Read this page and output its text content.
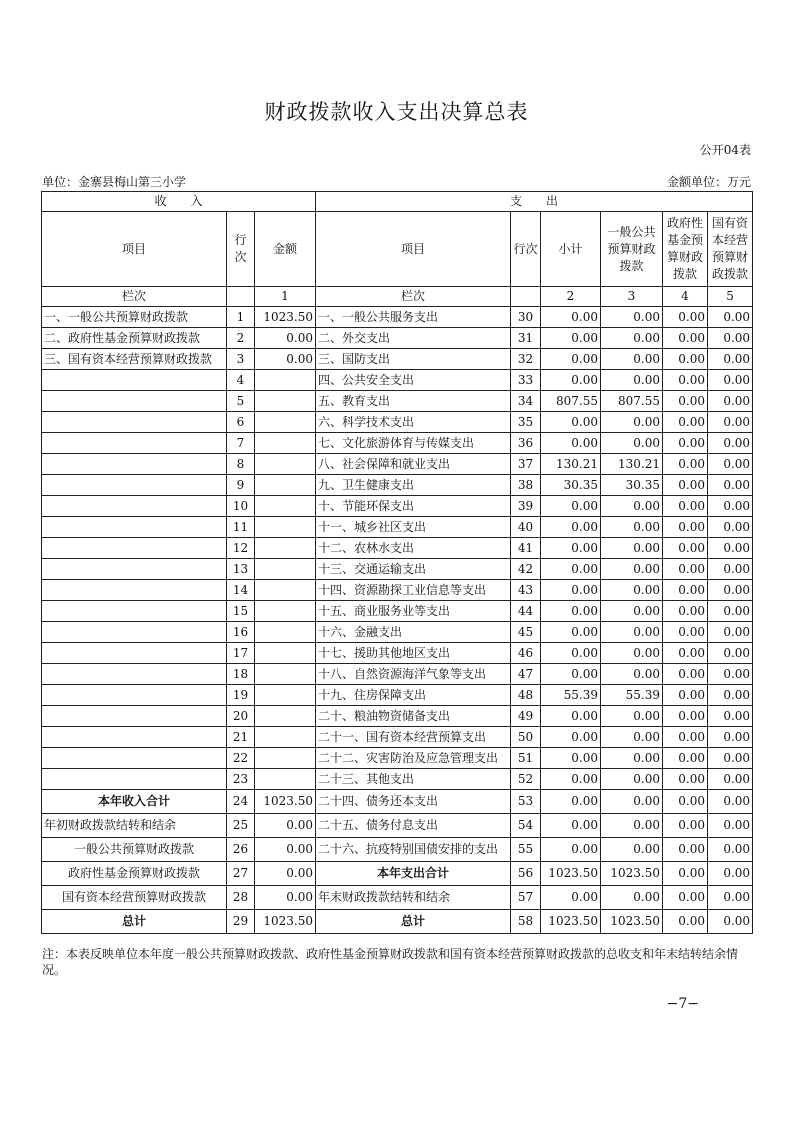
财政拨款收入支出决算总表
公开04表
单位：金寨县梅山第三小学	金额单位：万元
收　　入			支　　出					
项目	行次	金额	项目	行次	小计	一般公共预算财政拨款	政府性基金预算财政拨款	国有资本经营预算财政拨款
栏次		1	栏次		2	3	4	5
一、一般公共预算财政拨款	1	1023.50	一、一般公共服务支出	30	0.00	0.00	0.00	0.00
二、政府性基金预算财政拨款	2	0.00	二、外交支出	31	0.00	0.00	0.00	0.00
三、国有资本经营预算财政拨款	3	0.00	三、国防支出	32	0.00	0.00	0.00	0.00
	4		四、公共安全支出	33	0.00	0.00	0.00	0.00
	5		五、教育支出	34	807.55	807.55	0.00	0.00
	6		六、科学技术支出	35	0.00	0.00	0.00	0.00
	7		七、文化旅游体育与传媒支出	36	0.00	0.00	0.00	0.00
	8		八、社会保障和就业支出	37	130.21	130.21	0.00	0.00
	9		九、卫生健康支出	38	30.35	30.35	0.00	0.00
	10		十、节能环保支出	39	0.00	0.00	0.00	0.00
	11		十一、城乡社区支出	40	0.00	0.00	0.00	0.00
	12		十二、农林水支出	41	0.00	0.00	0.00	0.00
	13		十三、交通运输支出	42	0.00	0.00	0.00	0.00
	14		十四、资源勘探工业信息等支出	43	0.00	0.00	0.00	0.00
	15		十五、商业服务业等支出	44	0.00	0.00	0.00	0.00
	16		十六、金融支出	45	0.00	0.00	0.00	0.00
	17		十七、援助其他地区支出	46	0.00	0.00	0.00	0.00
	18		十八、自然资源海洋气象等支出	47	0.00	0.00	0.00	0.00
	19		十九、住房保障支出	48	55.39	55.39	0.00	0.00
	20		二十、粮油物资储备支出	49	0.00	0.00	0.00	0.00
	21		二十一、国有资本经营预算支出	50	0.00	0.00	0.00	0.00
	22		二十二、灾害防治及应急管理支出	51	0.00	0.00	0.00	0.00
	23		二十三、其他支出	52	0.00	0.00	0.00	0.00
本年收入合计	24	1023.50	二十四、债务还本支出	53	0.00	0.00	0.00	0.00
年初财政拨款结转和结余	25	0.00	二十五、债务付息支出	54	0.00	0.00	0.00	0.00
一般公共预算财政拨款	26	0.00	二十六、抗疫特别国债安排的支出	55	0.00	0.00	0.00	0.00
政府性基金预算财政拨款	27	0.00	本年支出合计	56	1023.50	1023.50	0.00	0.00
国有资本经营预算财政拨款	28	0.00	年末财政拨款结转和结余	57	0.00	0.00	0.00	0.00
总计	29	1023.50	总计	58	1023.50	1023.50	0.00	0.00
注：本表反映单位本年度一般公共预算财政拨款、政府性基金预算财政拨款和国有资本经营预算财政拨款的总收支和年末结转结余情况。
−7−
